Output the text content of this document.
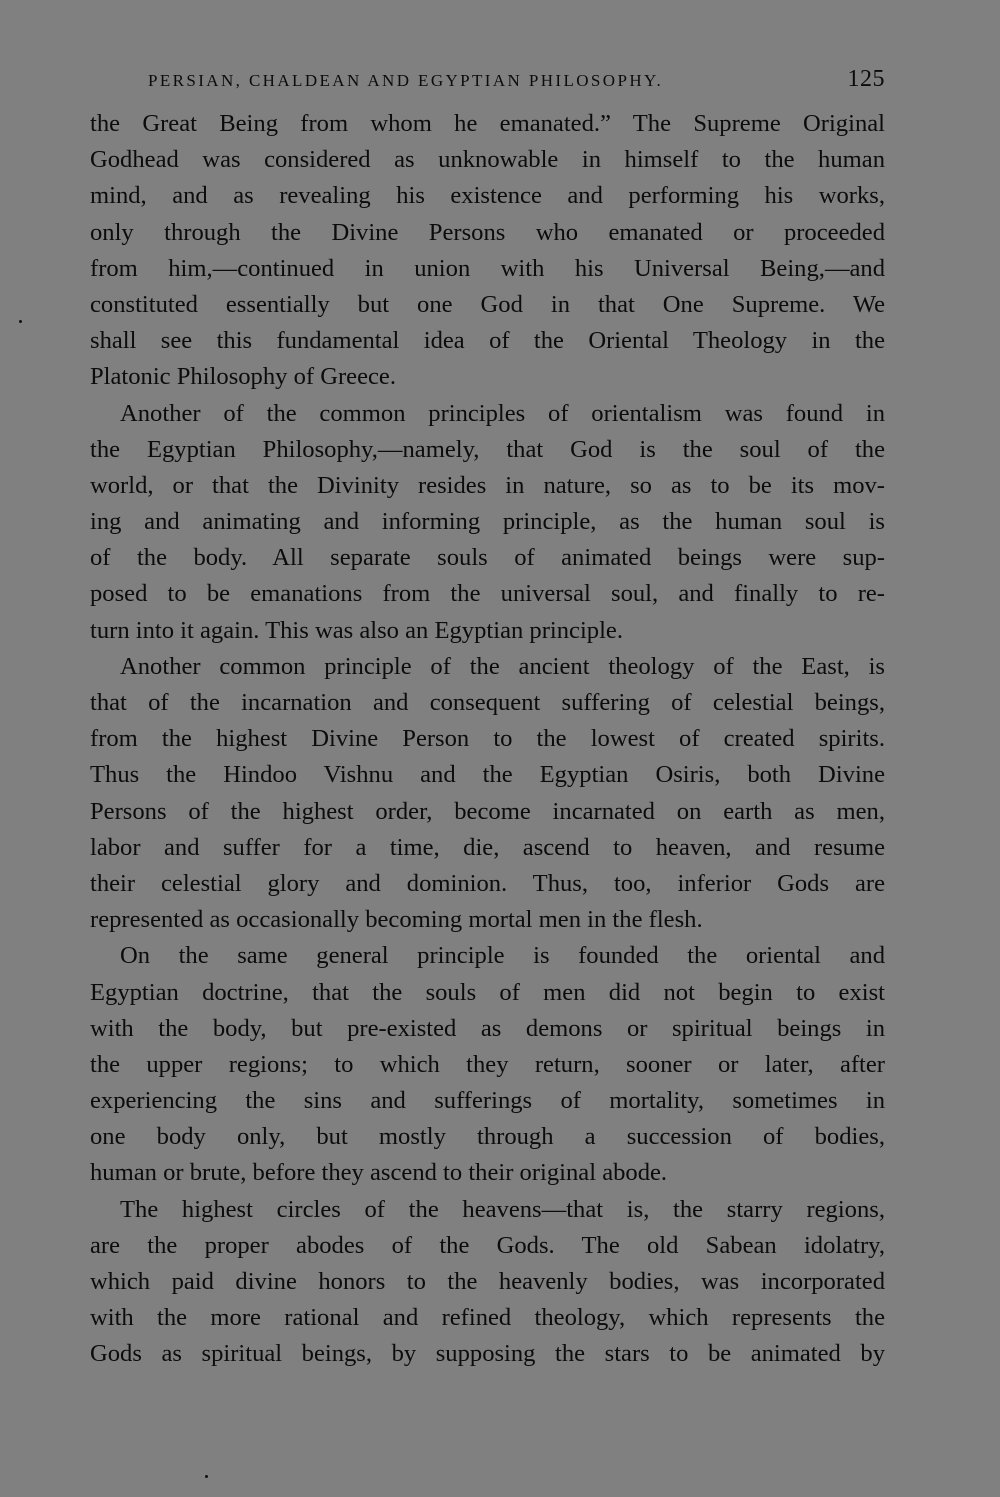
PERSIAN, CHALDEAN AND EGYPTIAN PHILOSOPHY.	125
the Great Being from whom he emanated.” The Supreme Original
Godhead was considered as unknowable in himself to the human
mind, and as revealing his existence and performing his works,
only through the Divine Persons who emanated or proceeded
from him,—continued in union with his Universal Being,—and
constituted essentially but one God in that One Supreme. We
shall see this fundamental idea of the Oriental Theology in the
Platonic Philosophy of Greece.
Another of the common principles of orientalism was found in
the Egyptian Philosophy,—namely, that God is the soul of the
world, or that the Divinity resides in nature, so as to be its mov-
ing and animating and informing principle, as the human soul is
of the body. All separate souls of animated beings were sup-
posed to be emanations from the universal soul, and finally to re-
turn into it again. This was also an Egyptian principle.
Another common principle of the ancient theology of the East, is
that of the incarnation and consequent suffering of celestial beings,
from the highest Divine Person to the lowest of created spirits.
Thus the Hindoo Vishnu and the Egyptian Osiris, both Divine
Persons of the highest order, become incarnated on earth as men,
labor and suffer for a time, die, ascend to heaven, and resume
their celestial glory and dominion. Thus, too, inferior Gods are
represented as occasionally becoming mortal men in the flesh.
On the same general principle is founded the oriental and
Egyptian doctrine, that the souls of men did not begin to exist
with the body, but pre-existed as demons or spiritual beings in
the upper regions; to which they return, sooner or later, after
experiencing the sins and sufferings of mortality, sometimes in
one body only, but mostly through a succession of bodies,
human or brute, before they ascend to their original abode.
The highest circles of the heavens—that is, the starry regions,
are the proper abodes of the Gods. The old Sabean idolatry,
which paid divine honors to the heavenly bodies, was incorporated
with the more rational and refined theology, which represents the
Gods as spiritual beings, by supposing the stars to be animated by
